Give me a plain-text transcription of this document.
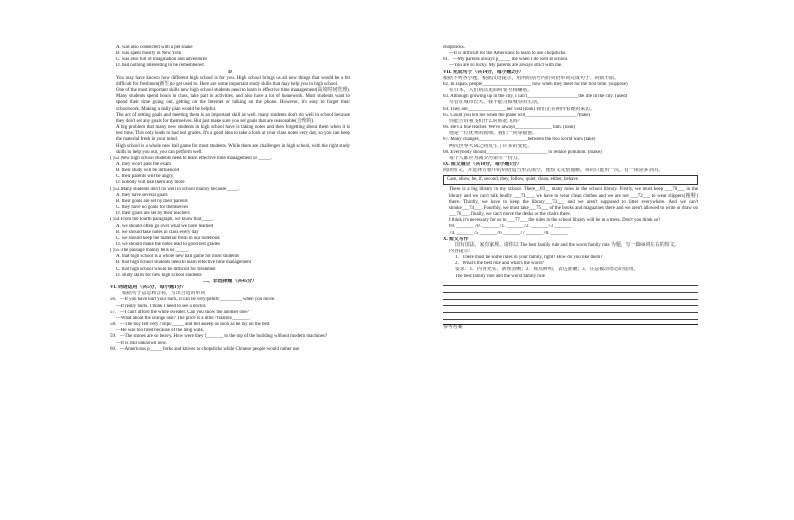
A. was also connected with a pet snake
B. was spent mostly in New York
C. was also full of imagination and adventures
D. had nothing interesting to be remembered
D
You may have known how different high school is for you. High school brings us all new things that would be a bit difficult for freshmen(新生)to get used to. Here are some important study skills that may help you in high school.
One of the most important skills new high school students need to learn is effective time management(高效时间管理). Many students spend hours in class, take part in activities, and also have a lot of homework. Most students want to spend their time going out, getting on the Internet or talking on the phone. However, it's easy to forget their schoolwork. Making a daily plan would be helpful.
The act of setting goals and meeting them is an important skill as well. many students don't do well in school because they don't set any goals for themselves. But just make sure you set goals that are reasonable(合理的).
A big problem that many new students in high school have is taking notes and then forgetting about them when it is test time. This only leads to bad test grades. It's a good idea to take a look at your class notes very day, so you can keep the material fresh in your mind.
High school is a whole new ball game for most students. While there are challenges in high school, with the right study skills to help you out, you can perform well.
( )52.New high school students need to learn effective time management or _____.
A. they won't pass the exam
B. their study will be influenced
C. their parents will be angry
D. nobody will like them any more
( )53.Many students don't do well in school mainly because_____.
A. they have several goals
B. their goals are set by their parents
C. they have no goals for themselves
D. their goals are set by their teachers
( )54.From the fourth paragraph, we know that_____.
A. we should often go over what we have learned
B. we should take notes in class every day
C. we should keep the material fresh in our notebook
D. we should make the notes lead to good test grades
( )55.The passage mainly tells us _____.
A. that high school is a whole new ball game for most students
B. that high school students need to learn effective time management
C. that high school would be difficult for freshmen
D. study skills for new high school students
二、非选择题（共45分）
VI. 词语运用（共5分，每小题1分）
根据句子意思和音标，写出合适的单词
56．—If you have hurt your back, it can be very/pemfl/_________ when you move.
—It really hurts. I think I need to see a doctor.
57．—I can't afford the white sweater. Can you show me another one?
—What about the orange one? The price is a little /'frastrei/_______.
58．—The boy felt very /'slipi/_____ and fell asleep as soon as he lay on the bed.
—He was too tired because of the long walk.
59．—The stones are so heavy. How were they l_______ to the top of the building without modern machines?
—It is still unknown now.
60．—Americans p_____ forks and knives to chopsticks while Chinese people would rather use
chopsticks.
—It is difficult for the Americans to learn to use chopsticks.
61．—My parents always p_____ me when I do well at school.
—You are so lucky. My parents are always strict with me.
VII. 完成句子（共14分，每小题2分）
根据下列各小题，根据汉语提示，用所给括号内的英语单词完成句子，词数不限。
62. In Japan, people____________________ bow when they meet for the first time. (suppose)
在日本，人们初次见面时要互相鞠躬。
63. Although growing up in the city, I can't_____________________the life in the city. (used)
尽管在城市长大，我不能习惯城里的生活。
64. They are________________her vast (look) 我们正在期待着她的来访。
65. Could you tell me when the plane will_____________________?(take)
你能告诉我飞机什么时候起飞吗？
66. He's a fine teacher. We've always_______________ him. (look)
他是一位优秀的教师。我们一向尊敬他。
67. Many changes____________________between the two world wars (take)
两次世界大战之间发生了许多的变化。
68. Everybody should_________________________ to reduce pollution. (make)
每个人都应为减少污染尽一份力。
IX. 短文填空（共10分，每小题1分）
阅读短文，并选择方框中的词语适当形式填空，使短文完整通顺。每词只能用一次，有一项是多余的。
Care, allow, be, if, second, they, follow, quiet, clean, either, behave
There is a big library in my school. There__69__ many rules in the school library. Firstly, we must keep ___70___ in the library and we can't talk loudly ___71___, we have to wear clean clothes and we are not ___72___ to wear slippers(拖鞋) there. Thirdly, we have to keep the library___73___ and we aren't supposed to litter everywhere. And we can't smoke___74___. Fourthly, we must take___75___ of the books and magazines there and we aren't allowed to write or draw on ___76___. finally, we can't move the desks or the chairs there.
I think it's necessary for us to ___77___ the rules in the school library will be in a mess. Don't you think so?
69. _______ 70. _______71. _______72. _______73 _______
74. _______75 _______76 _______77 _______78. _______
X. 短文写作
国有国法，家有家规。请你以 The best family rule and the worst family rule 为题，写一篇80词左右的短文。
内容提示：
1．There must be some rules in your family, right? How do you like them?
2．What's the best rule and what's the worst?
要求：1．内容充实，条理清晰；2．观点鲜明，表达准确；3．注意被动语态的运用。
The best family rule and the worst family rule
参考答案
